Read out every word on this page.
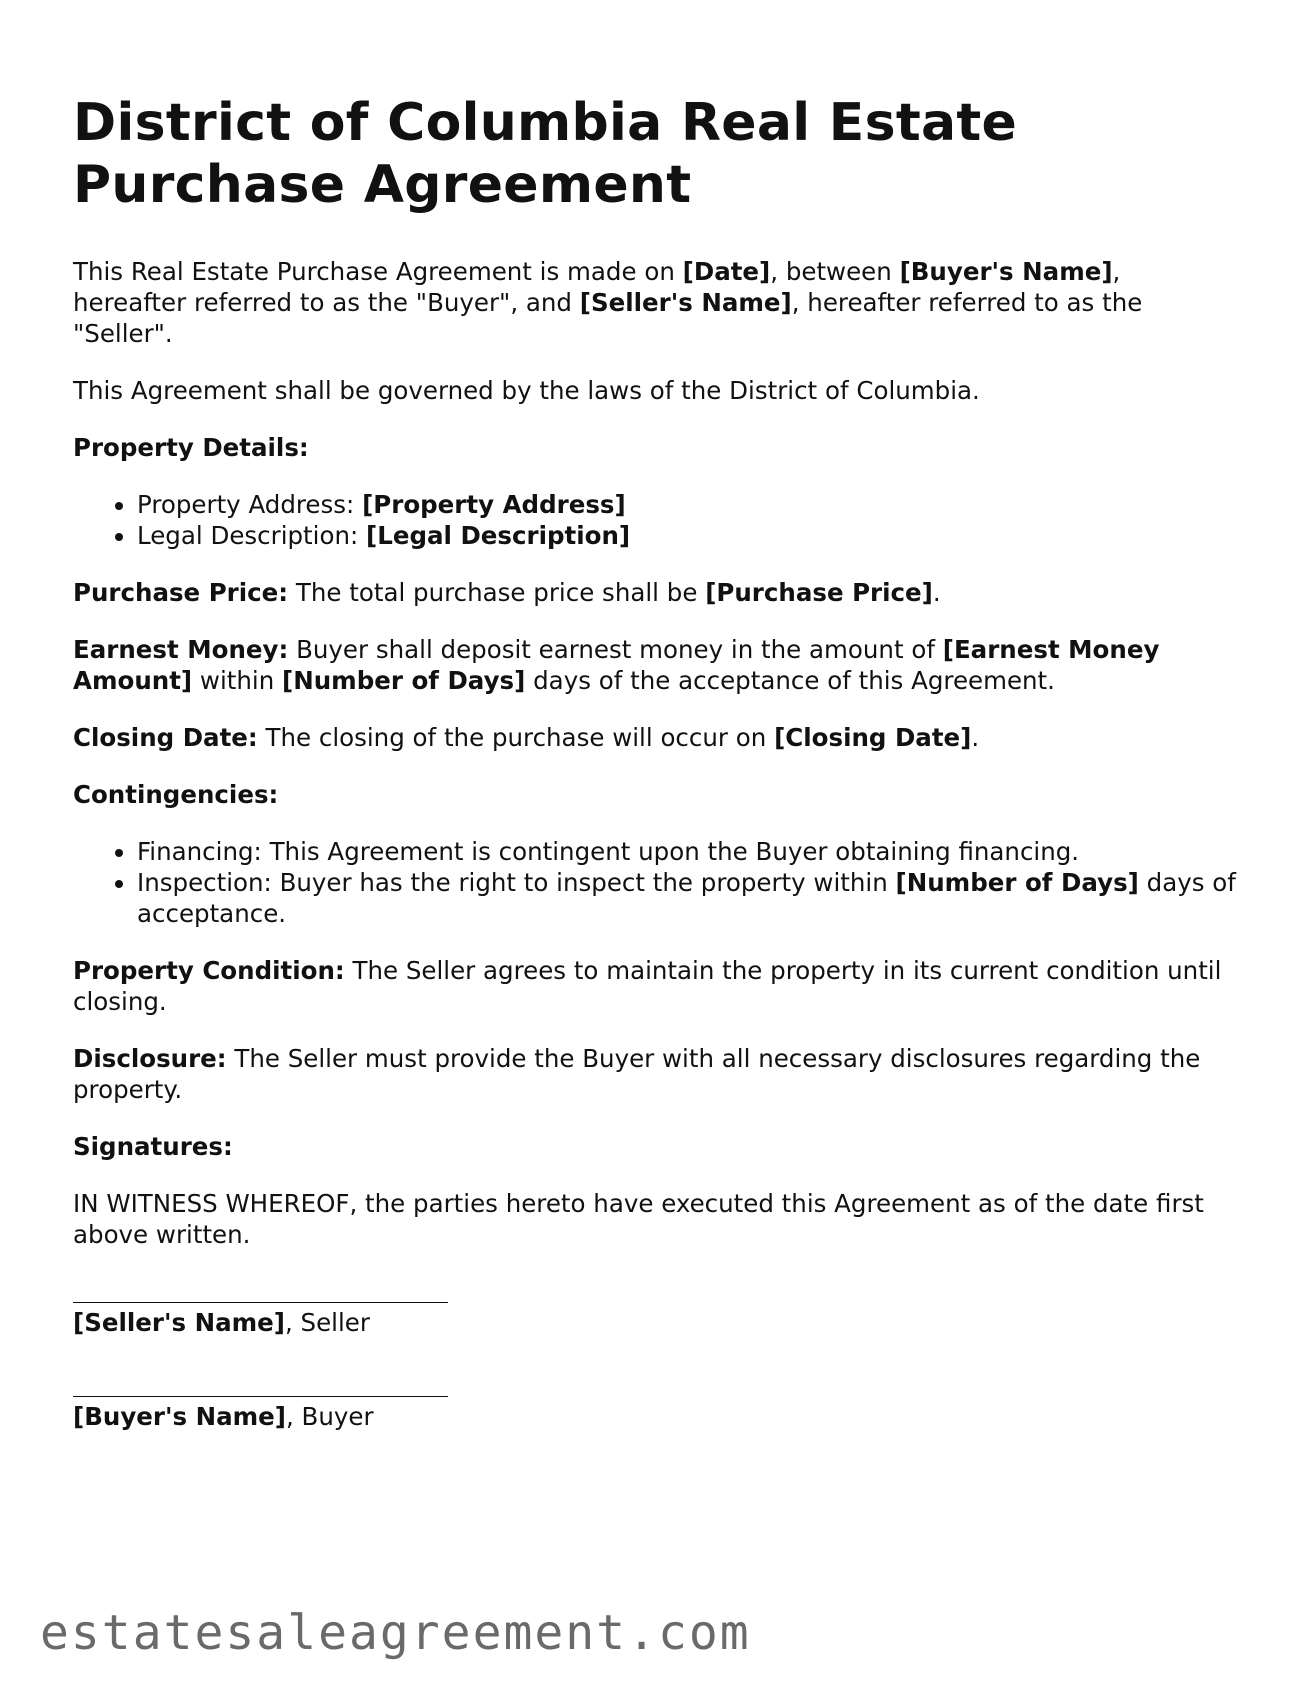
District of Columbia Real Estate Purchase Agreement

This Real Estate Purchase Agreement is made on [Date], between [Buyer's Name], hereafter referred to as the "Buyer", and [Seller's Name], hereafter referred to as the "Seller".

This Agreement shall be governed by the laws of the District of Columbia.

Property Details:

• Property Address: [Property Address]
• Legal Description: [Legal Description]

Purchase Price: The total purchase price shall be [Purchase Price].

Earnest Money: Buyer shall deposit earnest money in the amount of [Earnest Money Amount] within [Number of Days] days of the acceptance of this Agreement.

Closing Date: The closing of the purchase will occur on [Closing Date].

Contingencies:

• Financing: This Agreement is contingent upon the Buyer obtaining financing.
• Inspection: Buyer has the right to inspect the property within [Number of Days] days of acceptance.

Property Condition: The Seller agrees to maintain the property in its current condition until closing.

Disclosure: The Seller must provide the Buyer with all necessary disclosures regarding the property.

Signatures:

IN WITNESS WHEREOF, the parties hereto have executed this Agreement as of the date first above written.

[Seller's Name], Seller
[Buyer's Name], Buyer
estatesaleagreement.com
